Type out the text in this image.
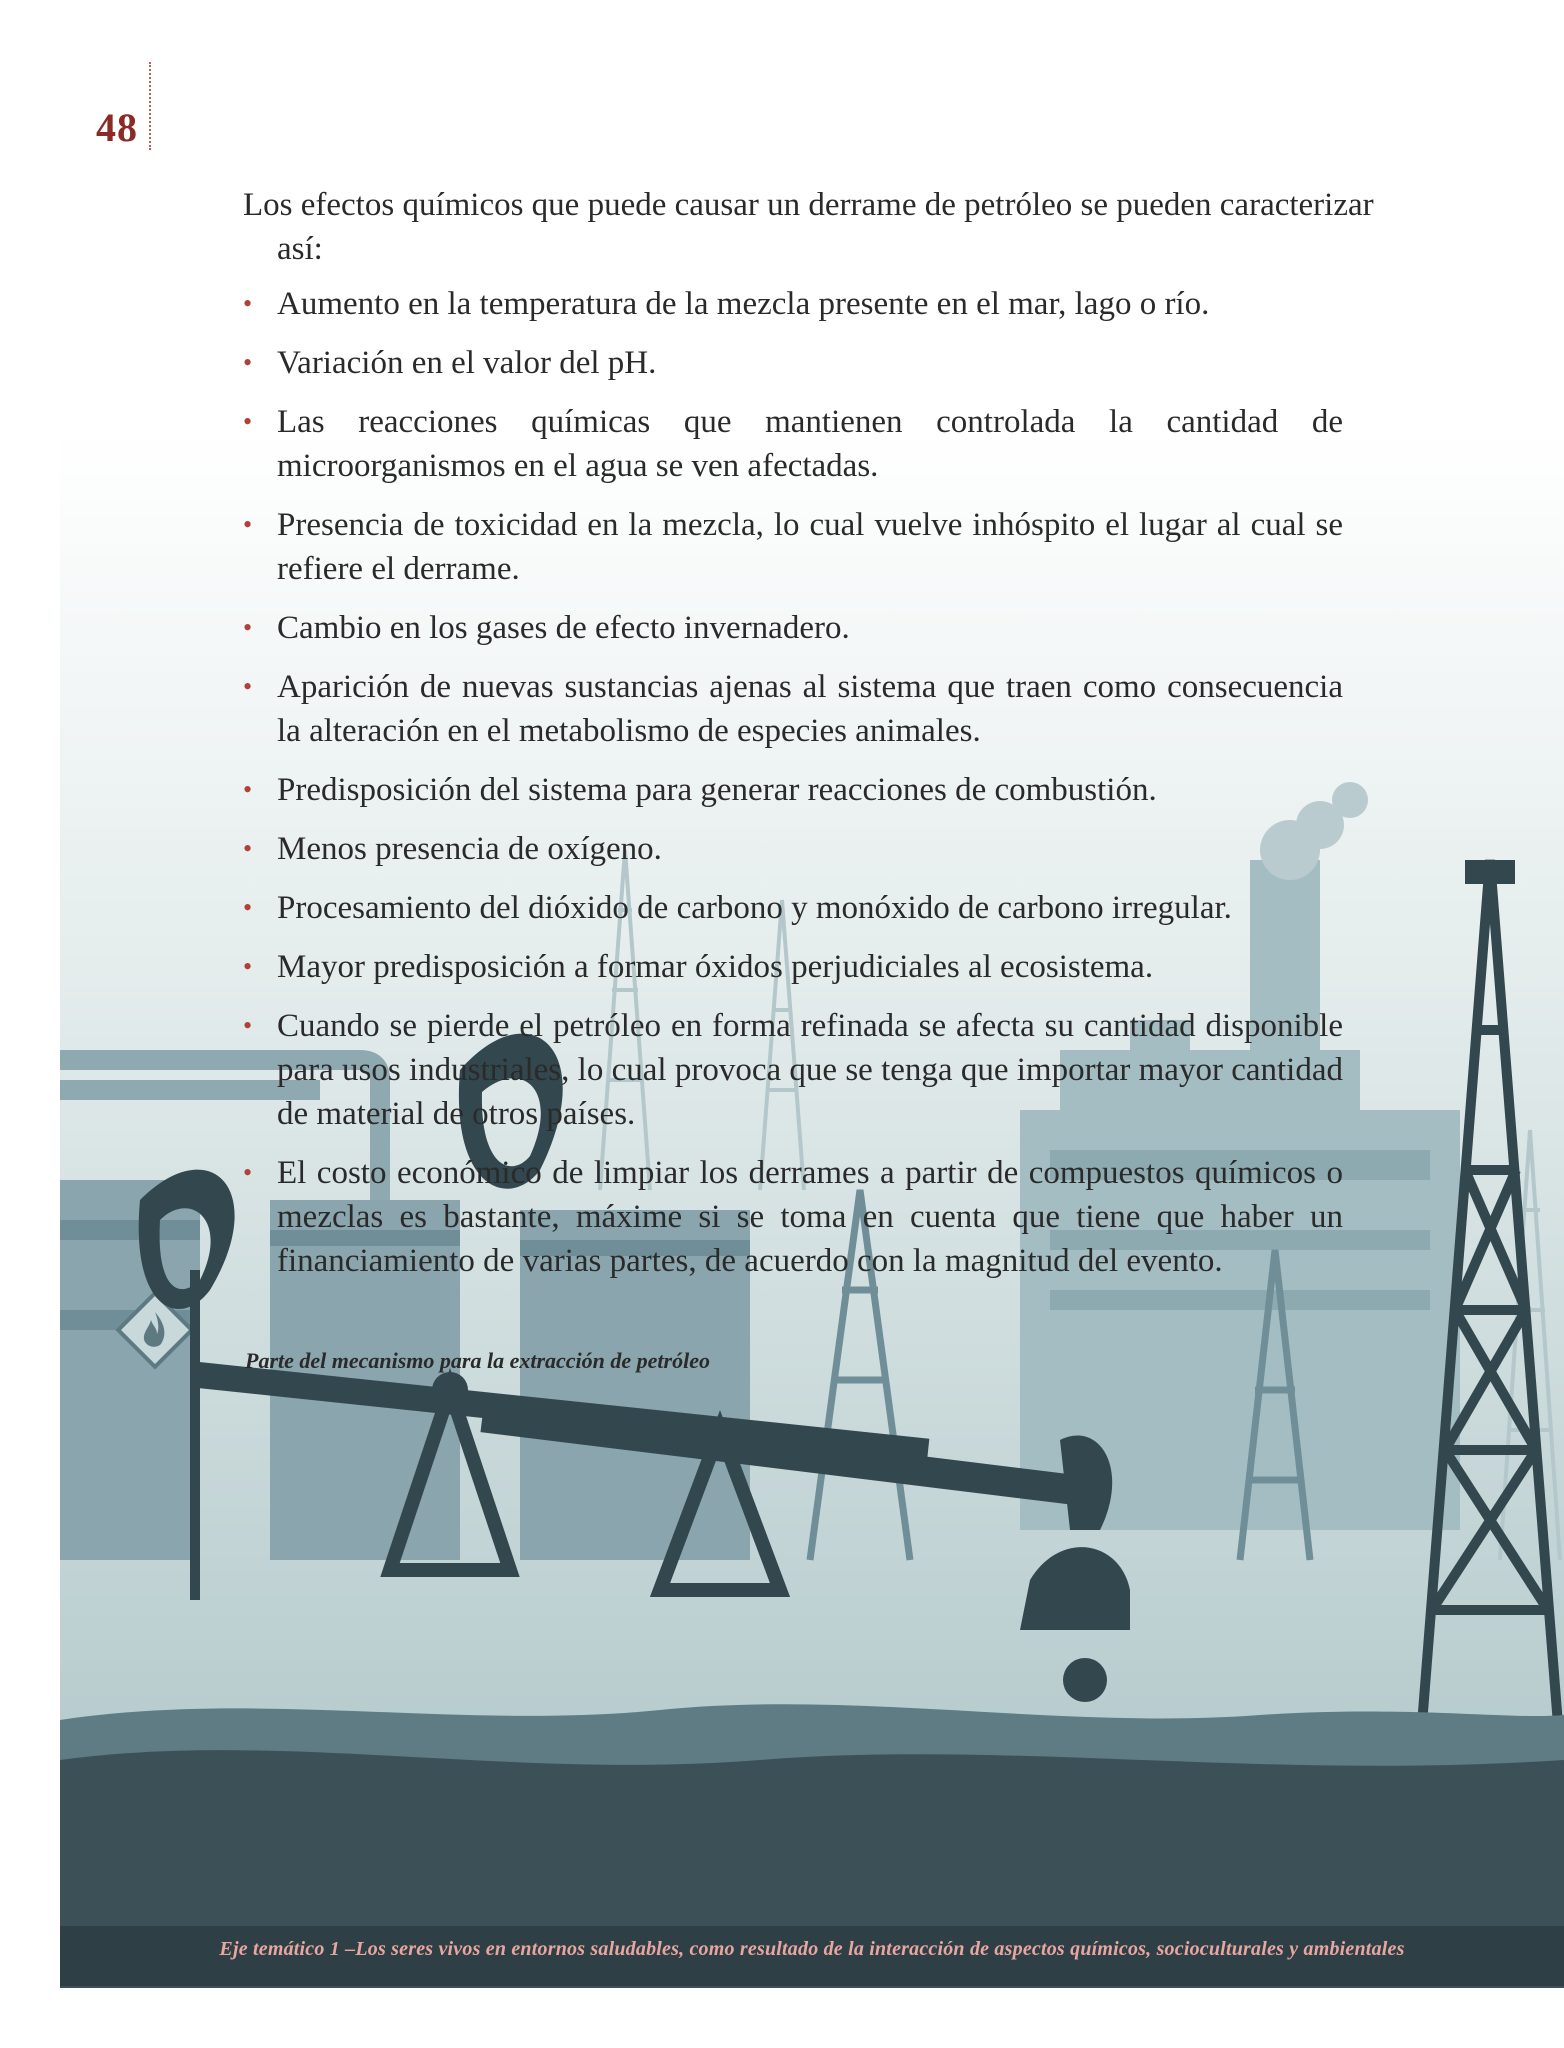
48

Los efectos químicos que puede causar un derrame de petróleo se pueden caracterizar así:

• Aumento en la temperatura de la mezcla presente en el mar, lago o río.
• Variación en el valor del pH.
• Las reacciones químicas que mantienen controlada la cantidad de microorganismos en el agua se ven afectadas.
• Presencia de toxicidad en la mezcla, lo cual vuelve inhóspito el lugar al cual se refiere el derrame.
• Cambio en los gases de efecto invernadero.
• Aparición de nuevas sustancias ajenas al sistema que traen como consecuencia la alteración en el metabolismo de especies animales.
• Predisposición del sistema para generar reacciones de combustión.
• Menos presencia de oxígeno.
• Procesamiento del dióxido de carbono y monóxido de carbono irregular.
• Mayor predisposición a formar óxidos perjudiciales al ecosistema.
• Cuando se pierde el petróleo en forma refinada se afecta su cantidad disponible para usos industriales, lo cual provoca que se tenga que importar mayor cantidad de material de otros países.
• El costo económico de limpiar los derrames a partir de compuestos químicos o mezclas es bastante, máxime si se toma en cuenta que tiene que haber un financiamiento de varias partes, de acuerdo con la magnitud del evento.
Parte del mecanismo para la extracción de petróleo
Eje temático 1 –Los seres vivos en entornos saludables, como resultado de la interacción de aspectos químicos, socioculturales y ambientales
